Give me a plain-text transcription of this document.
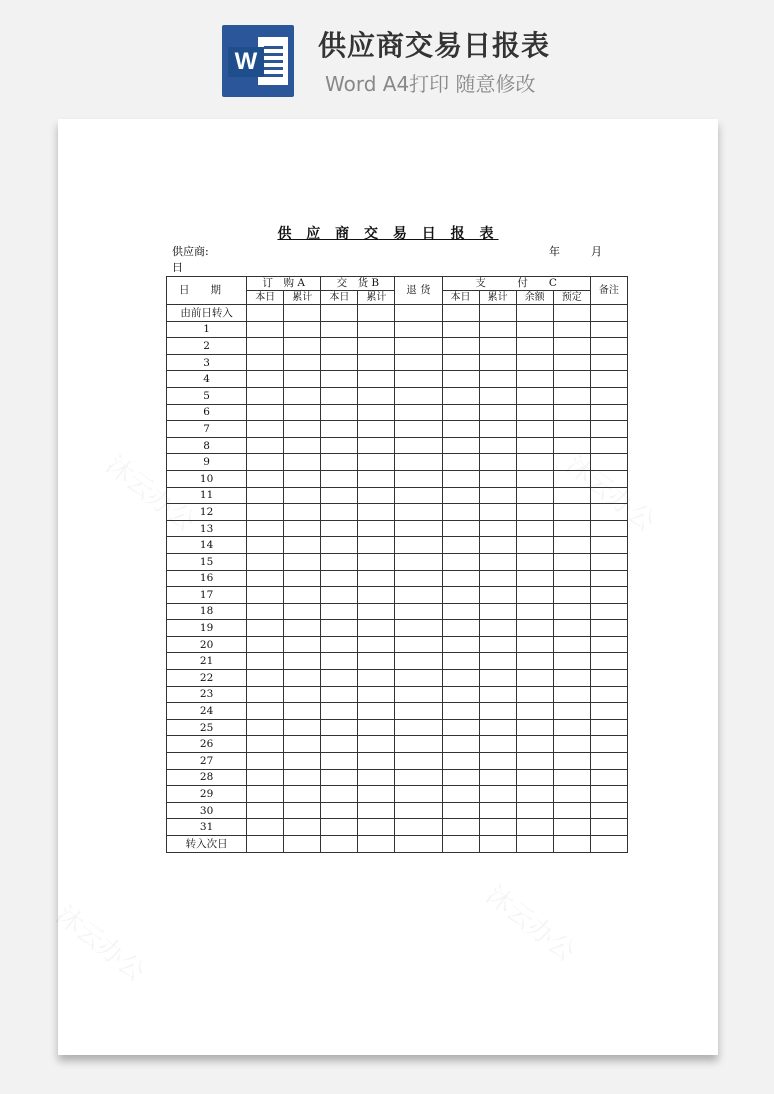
W 供应商交易日报表
Word A4打印 随意修改
供 应 商 交 易 日 报 表
供应商:
日
年	月
日　　期	订　购 A		交　货 B		退 货	支　　　付　　C				备注
	本日	累计	本日	累计		本日	累计	余额	预定	
由前日转入										
1										
2										
3										
4										
5										
6										
7										
8										
9										
10										
11										
12										
13										
14										
15										
16										
17										
18										
19										
20										
21										
22										
23										
24										
25										
26										
27										
28										
29										
30										
31										
转入次日										
